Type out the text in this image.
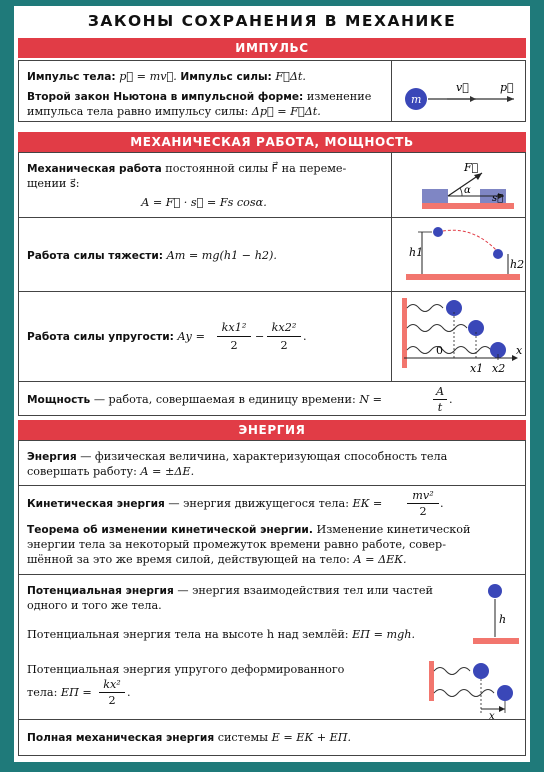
ЗАКОНЫ СОХРАНЕНИЯ В МЕХАНИКЕ
ИМПУЛЬС
Импульс тела: p⃗ = mv⃗. Импульс силы: F⃗Δt.
Второй закон Ньютона в импульсной форме: изменение
импульса тела равно импульсу силы: Δp⃗ = F⃗Δt.
m
v⃗	p⃗
МЕХАНИЧЕСКАЯ РАБОТА, МОЩНОСТЬ
Механическая работа постоянной силы F⃗ на переме-
щении s⃗:
A = F⃗ · s⃗ = Fs cosα.
F⃗
α
s⃗
Работа силы тяжести: Aт = mg(h1 − h2).	h1
h2
Работа силы упругости: Aу =
kx1²
2
−
kx2²
2
.
0
x1 x2
x
Мощность — работа, совершаемая в единицу времени: N =
A
t
.
ЭНЕРГИЯ
Энергия — физическая величина, характеризующая способность тела
совершать работу: A = ±ΔE.
Кинетическая энергия — энергия движущегося тела: EК =
mv²
2
.
Теорема об изменении кинетической энергии. Изменение кинетической
энергии тела за некоторый промежуток времени равно работе, совер-
шённой за это же время силой, действующей на тело: A = ΔEК.
Потенциальная энергия — энергия взаимодействия тел или частей
одного и того же тела.
Потенциальная энергия тела на высоте h над землёй: EП = mgh.
Потенциальная энергия упругого деформированного
тела: EП =
kx²
2
.
h
x
Полная механическая энергия системы E = EК + EП.
